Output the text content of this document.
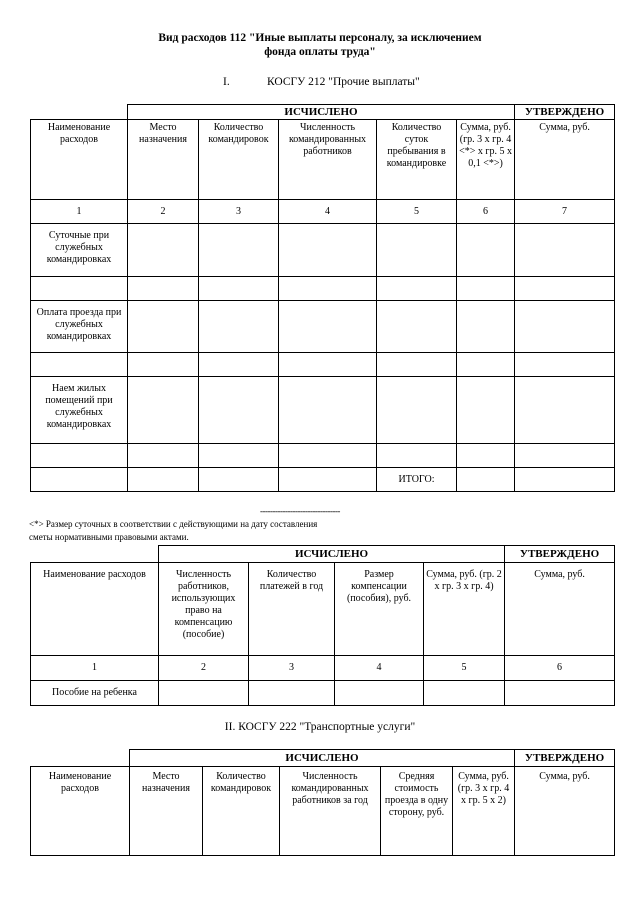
Вид расходов 112 "Иные выплаты персоналу, за исключением
фонда оплаты труда"
I.	КОСГУ 212 "Прочие выплаты"
	ИСЧИСЛЕНО					УТВЕРЖДЕНО
Наименование расходов	Место назначения	Количество командировок	Численность командированных работников	Количество суток пребывания в командировке	Сумма, руб. (гр. 3 x гр. 4 <*> x гр. 5 x 0,1 <*>)	Сумма, руб.
1	2	3	4	5	6	7
Суточные при служебных командировках						

Оплата проезда при служебных командировках						

Наем жилых помещений при служебных командировках						

				ИТОГО:		
--------------------------------
<*> Размер суточных в соответствии с действующими на дату составления
сметы нормативными правовыми актами.
	ИСЧИСЛЕНО				УТВЕРЖДЕНО
Наименование расходов	Численность работников, использующих право на компенсацию (пособие)	Количество платежей в год	Размер компенсации (пособия), руб.	Сумма, руб. (гр. 2 x гр. 3 x гр. 4)	Сумма, руб.
1	2	3	4	5	6
Пособие на ребенка					
II. КОСГУ 222 "Транспортные услуги"
	ИСЧИСЛЕНО					УТВЕРЖДЕНО
Наименование расходов	Место назначения	Количество командировок	Численность командированных работников за год	Средняя стоимость проезда в одну сторону, руб.	Сумма, руб. (гр. 3 x гр. 4 x гр. 5 x 2)	Сумма, руб.
